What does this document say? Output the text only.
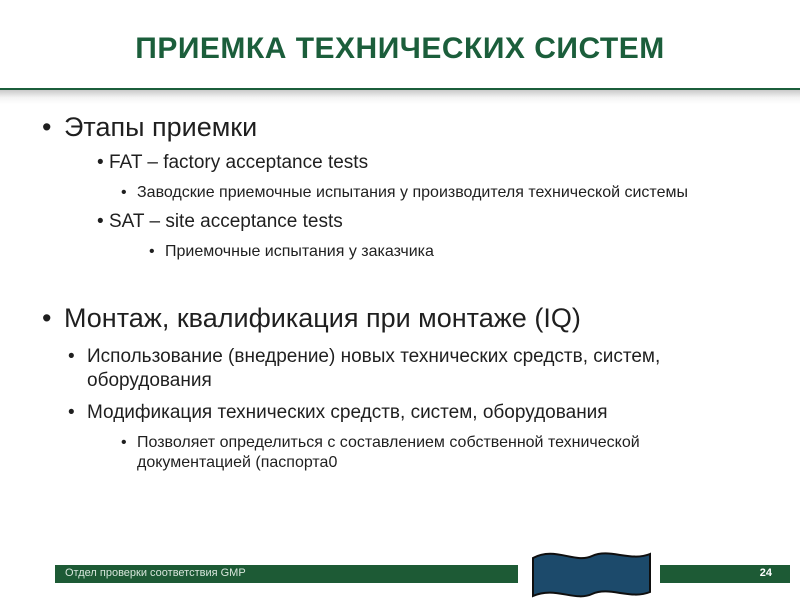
ПРИЕМКА ТЕХНИЧЕСКИХ СИСТЕМ
• Этапы приемки
• FAT – factory acceptance tests
• Заводские приемочные испытания у производителя технической системы
• SAT – site acceptance tests
• Приемочные испытания у заказчика
• Монтаж, квалификация при монтаже (IQ)
• Использование (внедрение) новых технических средств, систем, оборудования
• Модификация технических средств, систем, оборудования
• Позволяет определиться с составлением собственной технической документацией (паспорта0
Отдел проверки соответствия GMP	24
